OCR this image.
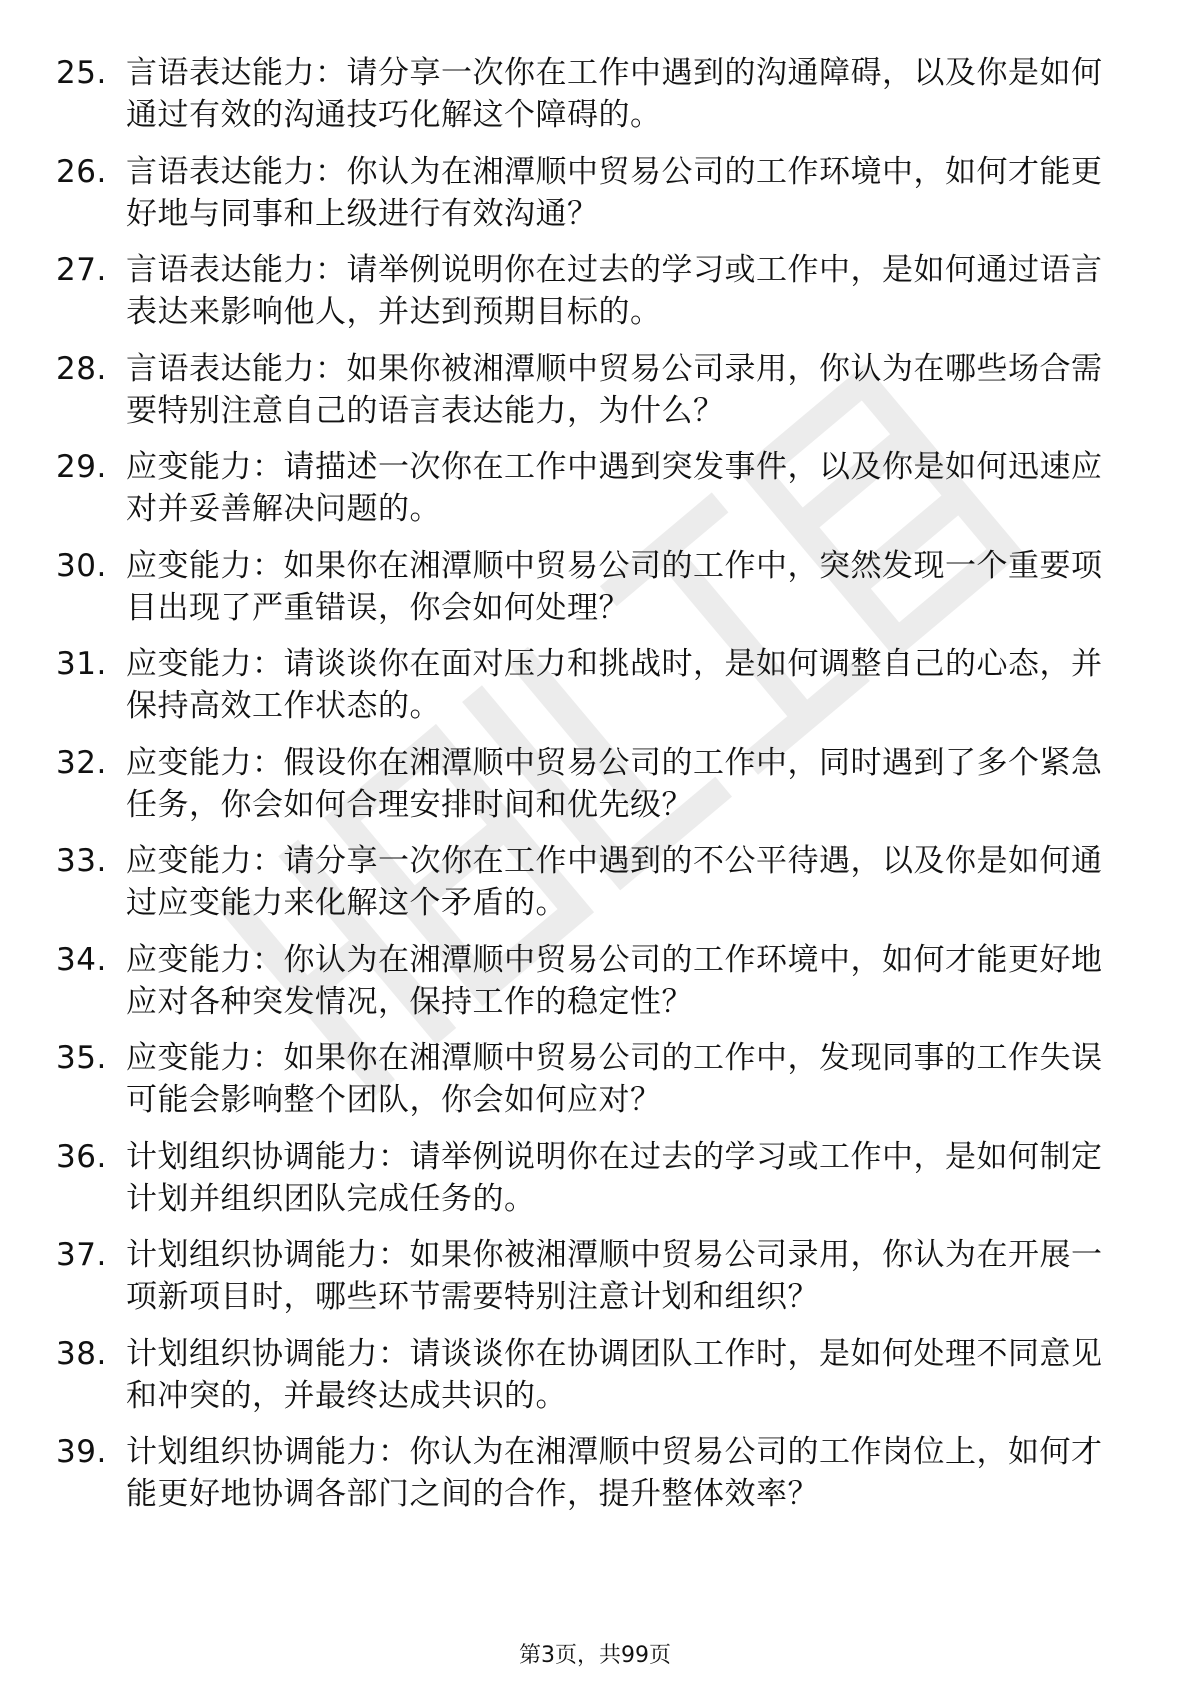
25. 言语表达能力：请分享一次你在工作中遇到的沟通障碍，以及你是如何通过有效的沟通技巧化解这个障碍的。
26. 言语表达能力：你认为在湘潭顺中贸易公司的工作环境中，如何才能更好地与同事和上级进行有效沟通？
27. 言语表达能力：请举例说明你在过去的学习或工作中，是如何通过语言表达来影响他人，并达到预期目标的。
28. 言语表达能力：如果你被湘潭顺中贸易公司录用，你认为在哪些场合需要特别注意自己的语言表达能力，为什么？
29. 应变能力：请描述一次你在工作中遇到突发事件，以及你是如何迅速应对并妥善解决问题的。
30. 应变能力：如果你在湘潭顺中贸易公司的工作中，突然发现一个重要项目出现了严重错误，你会如何处理？
31. 应变能力：请谈谈你在面对压力和挑战时，是如何调整自己的心态，并保持高效工作状态的。
32. 应变能力：假设你在湘潭顺中贸易公司的工作中，同时遇到了多个紧急任务，你会如何合理安排时间和优先级？
33. 应变能力：请分享一次你在工作中遇到的不公平待遇，以及你是如何通过应变能力来化解这个矛盾的。
34. 应变能力：你认为在湘潭顺中贸易公司的工作环境中，如何才能更好地应对各种突发情况，保持工作的稳定性？
35. 应变能力：如果你在湘潭顺中贸易公司的工作中，发现同事的工作失误可能会影响整个团队，你会如何应对？
36. 计划组织协调能力：请举例说明你在过去的学习或工作中，是如何制定计划并组织团队完成任务的。
37. 计划组织协调能力：如果你被湘潭顺中贸易公司录用，你认为在开展一项新项目时，哪些环节需要特别注意计划和组织？
38. 计划组织协调能力：请谈谈你在协调团队工作时，是如何处理不同意见和冲突的，并最终达成共识的。
39. 计划组织协调能力：你认为在湘潭顺中贸易公司的工作岗位上，如何才能更好地协调各部门之间的合作，提升整体效率？
第3页，共99页
